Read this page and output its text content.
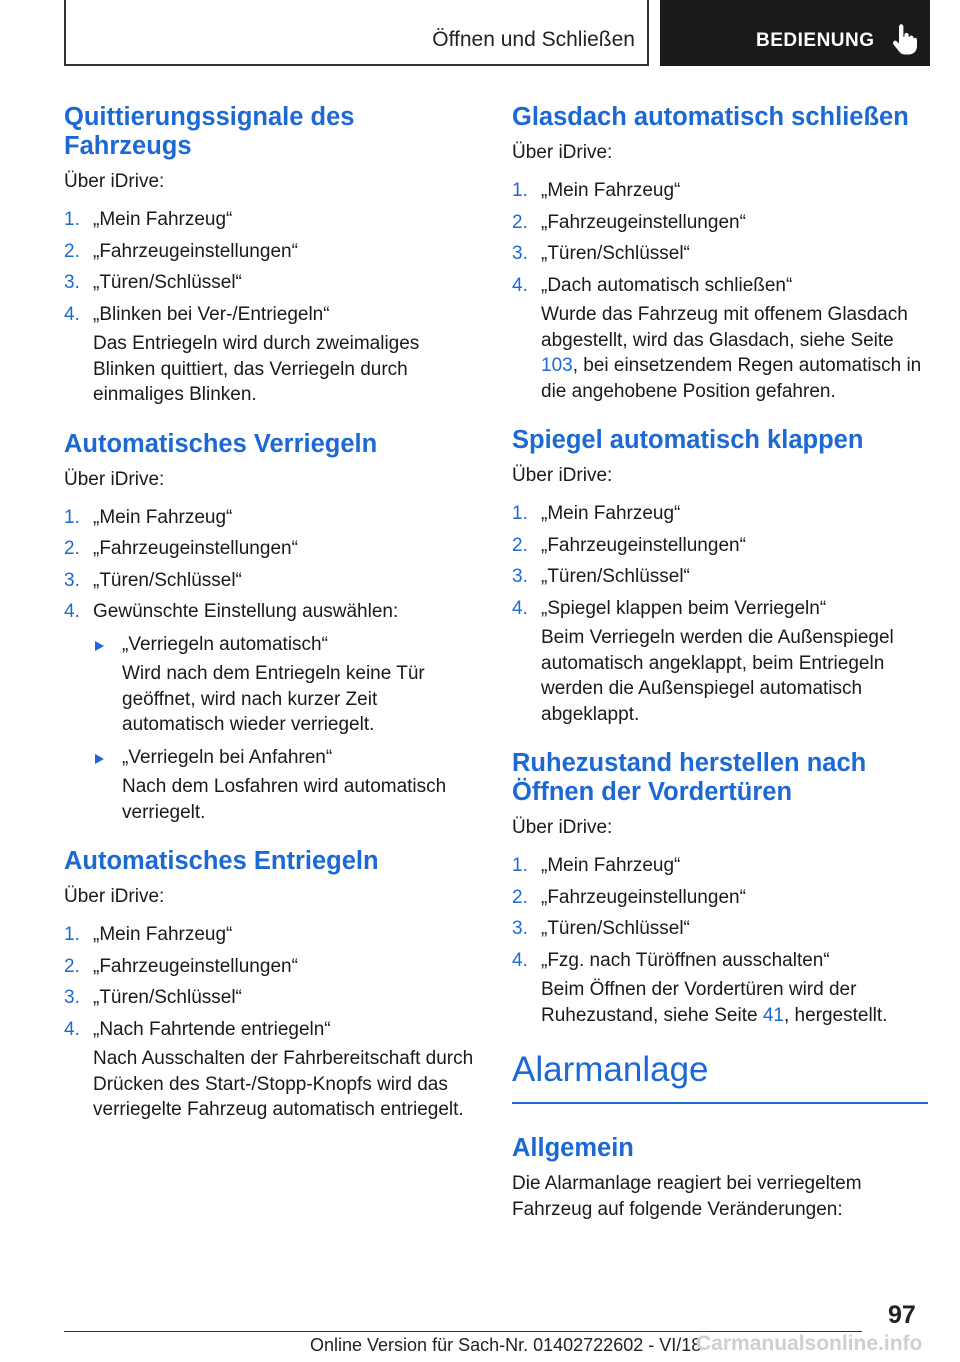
Öffnen und Schließen	BEDIENUNG
Quittierungssignale des Fahrzeugs

Über iDrive:

1. „Mein Fahrzeug“
2. „Fahrzeugeinstellungen“
3. „Türen/Schlüssel“
4. „Blinken bei Ver-/Entriegeln“
Das Entriegeln wird durch zweimaliges Blinken quittiert, das Verriegeln durch einmaliges Blinken.
Automatisches Verriegeln

Über iDrive:

1. „Mein Fahrzeug“
2. „Fahrzeugeinstellungen“
3. „Türen/Schlüssel“
4. Gewünschte Einstellung auswählen:
„Verriegeln automatisch“
Wird nach dem Entriegeln keine Tür geöffnet, wird nach kurzer Zeit automatisch wieder verriegelt.
„Verriegeln bei Anfahren“
Nach dem Losfahren wird automatisch verriegelt.
Automatisches Entriegeln

Über iDrive:

1. „Mein Fahrzeug“
2. „Fahrzeugeinstellungen“
3. „Türen/Schlüssel“
4. „Nach Fahrtende entriegeln“
Nach Ausschalten der Fahrbereitschaft durch Drücken des Start-/Stopp-Knopfs wird das verriegelte Fahrzeug automatisch entriegelt.
Glasdach automatisch schließen

Über iDrive:

1. „Mein Fahrzeug“
2. „Fahrzeugeinstellungen“
3. „Türen/Schlüssel“
4. „Dach automatisch schließen“
Wurde das Fahrzeug mit offenem Glasdach abgestellt, wird das Glasdach, siehe Seite 103, bei einsetzendem Regen automatisch in die angehobene Position gefahren.
Spiegel automatisch klappen

Über iDrive:

1. „Mein Fahrzeug“
2. „Fahrzeugeinstellungen“
3. „Türen/Schlüssel“
4. „Spiegel klappen beim Verriegeln“
Beim Verriegeln werden die Außenspiegel automatisch angeklappt, beim Entriegeln werden die Außenspiegel automatisch abgeklappt.
Ruhezustand herstellen nach Öffnen der Vordertüren

Über iDrive:

1. „Mein Fahrzeug“
2. „Fahrzeugeinstellungen“
3. „Türen/Schlüssel“
4. „Fzg. nach Türöffnen ausschalten“
Beim Öffnen der Vordertüren wird der Ruhezustand, siehe Seite 41, hergestellt.
Alarmanlage
Allgemein

Die Alarmanlage reagiert bei verriegeltem Fahrzeug auf folgende Veränderungen:

97
Online Version für Sach-Nr. 01402722602 - VI/18
Carmanualsonline.info
